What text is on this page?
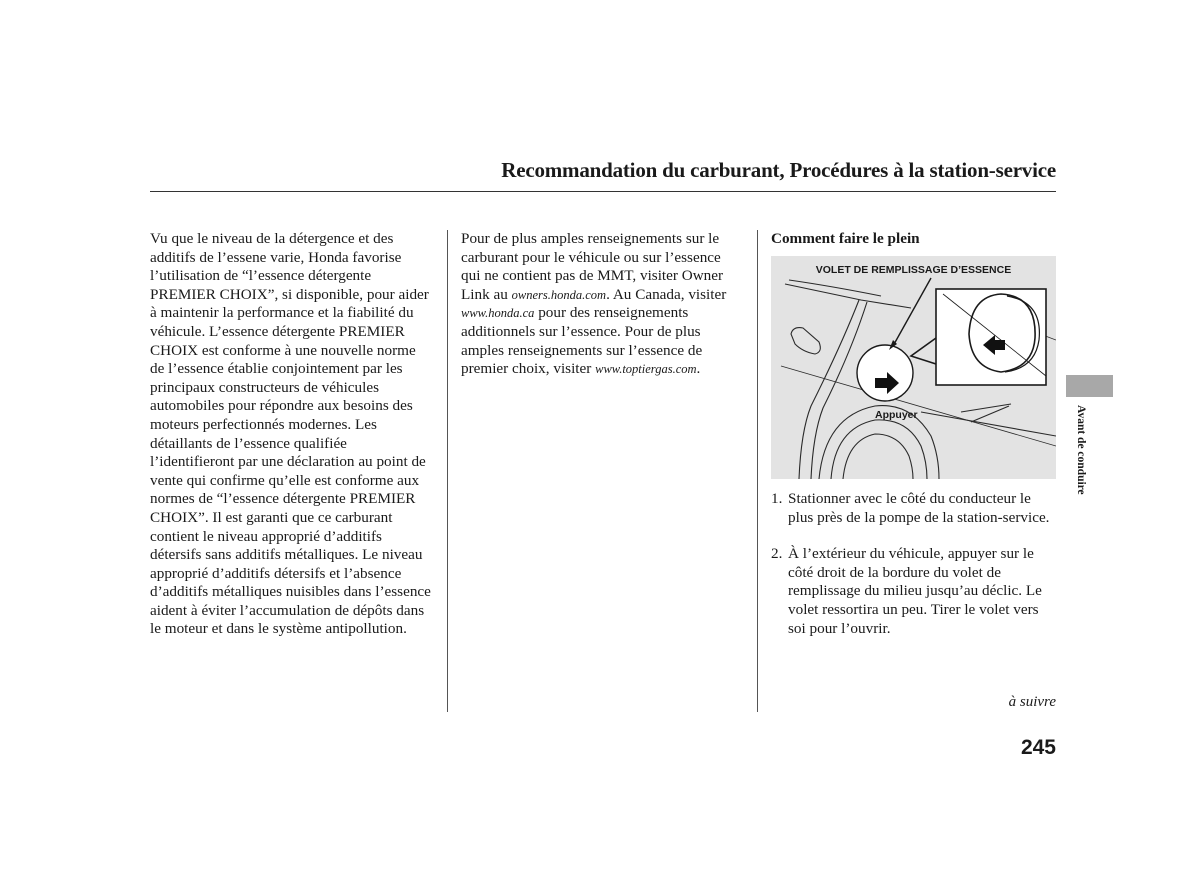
Recommandation du carburant, Procédures à la station-service

Vu que le niveau de la détergence et des
additifs de l’essene varie, Honda favorise
l’utilisation de “l’essence détergente
PREMIER CHOIX”, si disponible, pour aider
à maintenir la performance et la fiabilité du
véhicule. L’essence détergente PREMIER
CHOIX est conforme à une nouvelle norme
de l’essence établie conjointement par les
principaux constructeurs de véhicules
automobiles pour répondre aux besoins des
moteurs perfectionnés modernes. Les
détaillants de l’essence qualifiée
l’identifieront par une déclaration au point de
vente qui confirme qu’elle est conforme aux
normes de “l’essence détergente PREMIER
CHOIX”. Il est garanti que ce carburant
contient le niveau approprié d’additifs
détersifs sans additifs métalliques. Le niveau
approprié d’additifs détersifs et l’absence
d’additifs métalliques nuisibles dans l’essence
aident à éviter l’accumulation de dépôts dans
le moteur et dans le système antipollution.

Pour de plus amples renseignements sur le
carburant pour le véhicule ou sur l’essence
qui ne contient pas de MMT, visiter Owner
Link au owners.honda.com. Au Canada, visiter
www.honda.ca pour des renseignements
additionnels sur l’essence. Pour de plus
amples renseignements sur l’essence de
premier choix, visiter www.toptiergas.com.

Comment faire le plein

VOLET DE REMPLISSAGE D’ESSENCE
Appuyer
1. Stationner avec le côté du conducteur le
plus près de la pompe de la station-service.
2. À l’extérieur du véhicule, appuyer sur le
côté droit de la bordure du volet de
remplissage du milieu jusqu’au déclic. Le
volet ressortira un peu. Tirer le volet vers
soi pour l’ouvrir.
à suivre
245
Avant de conduire
